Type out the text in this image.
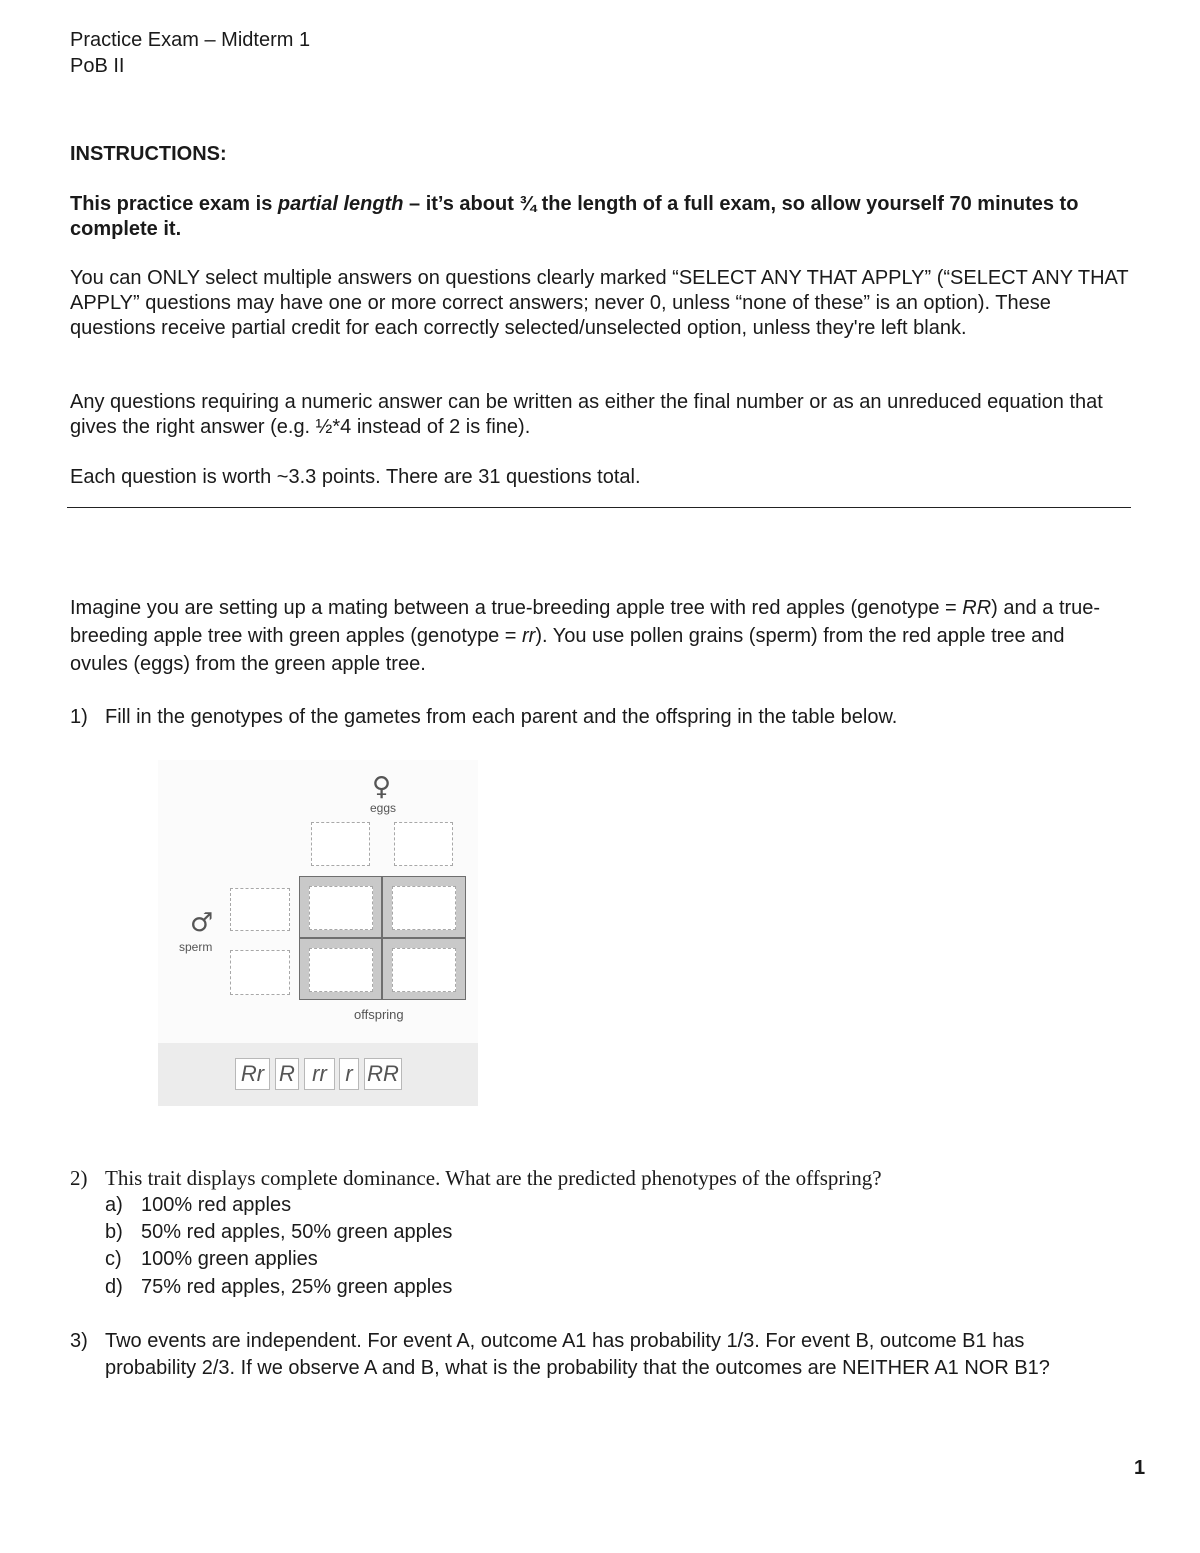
Practice Exam – Midterm 1
PoB II
INSTRUCTIONS:
This practice exam is partial length – it’s about ¾ the length of a full exam, so allow yourself 70 minutes to complete it.
You can ONLY select multiple answers on questions clearly marked “SELECT ANY THAT APPLY” (“SELECT ANY THAT APPLY” questions may have one or more correct answers; never 0, unless “none of these” is an option). These questions receive partial credit for each correctly selected/unselected option, unless they're left blank.
Any questions requiring a numeric answer can be written as either the final number or as an unreduced equation that gives the right answer (e.g. ½*4 instead of 2 is fine).
Each question is worth ~3.3 points. There are 31 questions total.
Imagine you are setting up a mating between a true-breeding apple tree with red apples (genotype = RR) and a true-breeding apple tree with green apples (genotype = rr). You use pollen grains (sperm) from the red apple tree and ovules (eggs) from the green apple tree.
1) Fill in the genotypes of the gametes from each parent and the offspring in the table below.
♀
eggs
♂
sperm
offspring
Rr R rr r RR
2) This trait displays complete dominance. What are the predicted phenotypes of the offspring?
a) 100% red apples
b) 50% red apples, 50% green apples
c) 100% green applies
d) 75% red apples, 25% green apples
3) Two events are independent. For event A, outcome A1 has probability 1/3. For event B, outcome B1 has probability 2/3. If we observe A and B, what is the probability that the outcomes are NEITHER A1 NOR B1?
1
